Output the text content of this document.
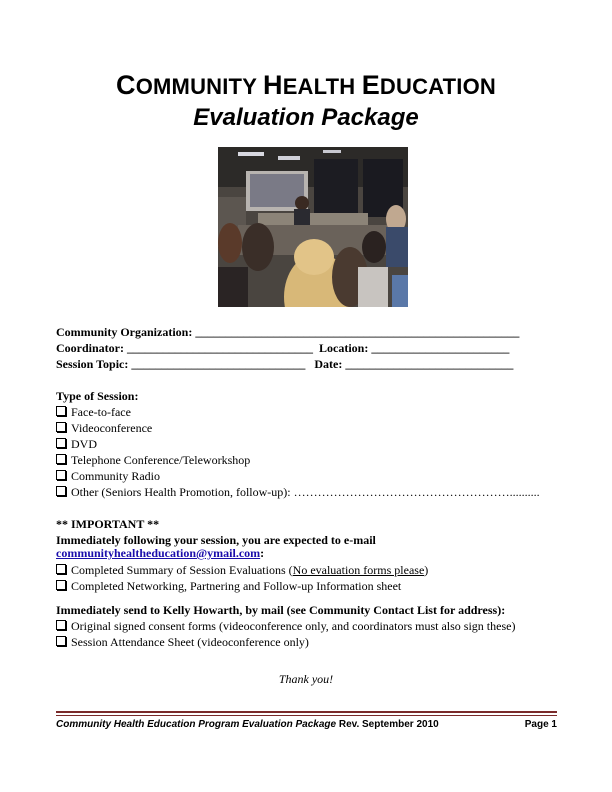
COMMUNITY HEALTH EDUCATION
Evaluation Package
Community Organization: ______________________________________________________
Coordinator: _______________________________ Location: _______________________
Session Topic: _____________________________ Date: ____________________________
Type of Session:
Face-to-face
Videoconference
DVD
Telephone Conference/Teleworkshop
Community Radio
Other (Seniors Health Promotion, follow-up): ………………………………………………..........
** IMPORTANT **
Immediately following your session, you are expected to e-mail
communityhealtheducation@ymail.com:
Completed Summary of Session Evaluations (No evaluation forms please)
Completed Networking, Partnering and Follow-up Information sheet
Immediately send to Kelly Howarth, by mail (see Community Contact List for address):
Original signed consent forms (videoconference only, and coordinators must also sign these)
Session Attendance Sheet (videoconference only)
Thank you!
Community Health Education Program Evaluation Package Rev. September 2010	Page 1
